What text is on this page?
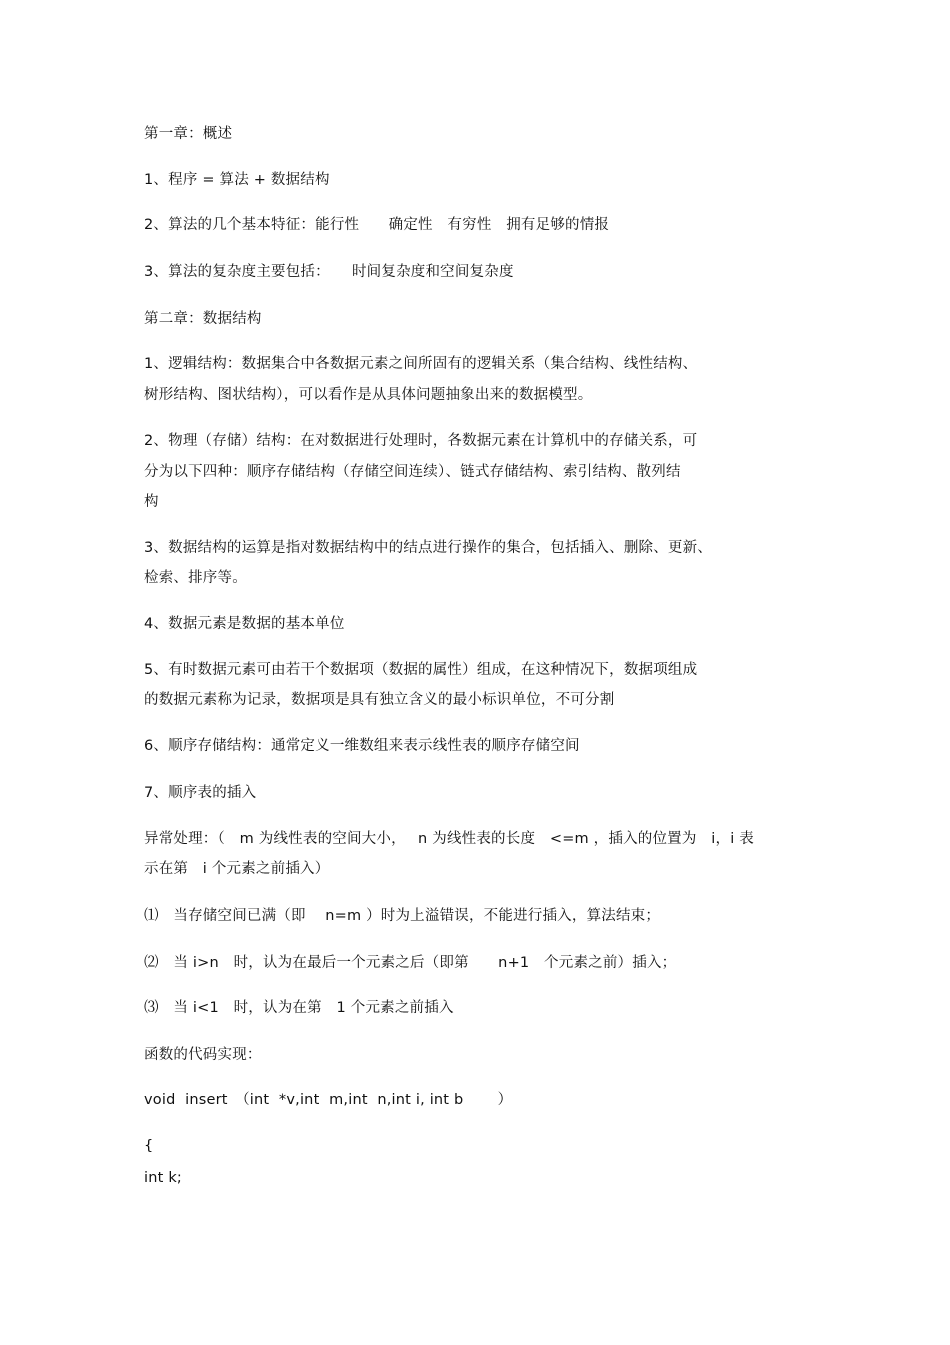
第一章：概述
1、程序 = 算法 + 数据结构
2、算法的几个基本特征：能行性　　确定性　有穷性　拥有足够的情报
3、算法的复杂度主要包括：　　时间复杂度和空间复杂度
第二章：数据结构
1、逻辑结构：数据集合中各数据元素之间所固有的逻辑关系（集合结构、线性结构、
树形结构、图状结构），可以看作是从具体问题抽象出来的数据模型。
2、物理（存储）结构：在对数据进行处理时，各数据元素在计算机中的存储关系，可
分为以下四种：顺序存储结构（存储空间连续）、链式存储结构、索引结构、散列结
构
3、数据结构的运算是指对数据结构中的结点进行操作的集合，包括插入、删除、更新、
检索、排序等。
4、数据元素是数据的基本单位
5、有时数据元素可由若干个数据项（数据的属性）组成，在这种情况下，数据项组成
的数据元素称为记录，数据项是具有独立含义的最小标识单位，不可分割
6、顺序存储结构：通常定义一维数组来表示线性表的顺序存储空间
7、顺序表的插入
异常处理：（　m 为线性表的空间大小，　 n 为线性表的长度　<=m ，插入的位置为　i，i 表
示在第　i 个元素之前插入）
⑴　当存储空间已满（即　 n=m ）时为上溢错误，不能进行插入，算法结束；
⑵　当 i>n　时，认为在最后一个元素之后（即第　　n+1　个元素之前）插入；
⑶　当 i<1　时，认为在第　1 个元素之前插入
函数的代码实现：
void  insert　（int  *v,int  m,int  n,int i, int b　　 ）
{
int k;
